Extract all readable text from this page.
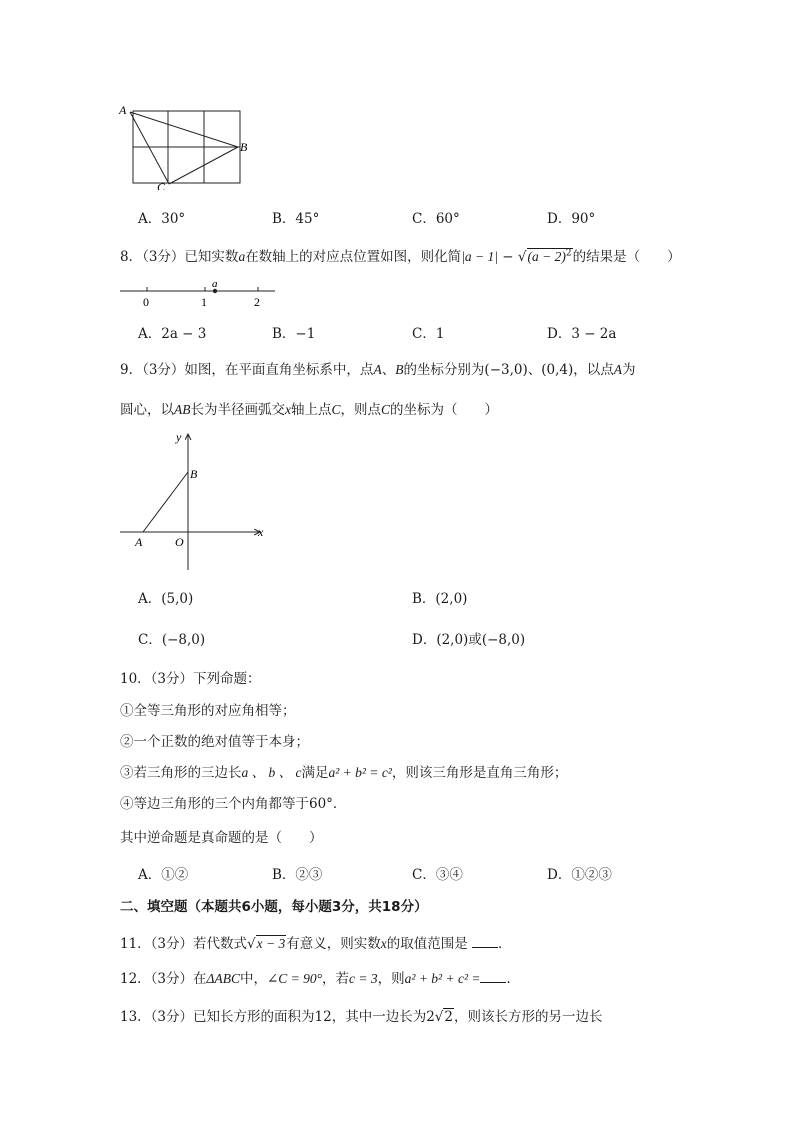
A
B
C
A．30°	B．45°	C．60°	D．90°
8．（3分）已知实数a在数轴上的对应点位置如图，则化简$|a - 1| - √(a - 2)^2$的结果是（　　）
a
0	1	2
A．2a − 3	B．−1	C．1	D．3 − 2a
9．（3分）如图，在平面直角坐标系中，点A、B的坐标分别为(−3,0)、(0,4)，以点A为
圆心，以AB长为半径画弧交x轴上点C，则点C的坐标为（　　）
y
x
B
A	O
A．(5,0)	B．(2,0)
C．(−8,0)	D．(2,0)或(−8,0)
10．（3分）下列命题：
①全等三角形的对应角相等；
②一个正数的绝对值等于本身；
③若三角形的三边长a 、 b 、 c满足a² + b² = c²，则该三角形是直角三角形；
④等边三角形的三个内角都等于60°．
其中逆命题是真命题的是（　　）
A．①②	B．②③	C．③④	D．①②③
二、填空题（本题共6小题，每小题3分，共18分）
11．（3分）若代数式√x − 3有意义，则实数x的取值范围是 ．
12．（3分）在ΔABC中，∠C = 90°，若c = 3，则a² + b² + c² = ．
13．（3分）已知长方形的面积为12，其中一边长为2√2，则该长方形的另一边长
